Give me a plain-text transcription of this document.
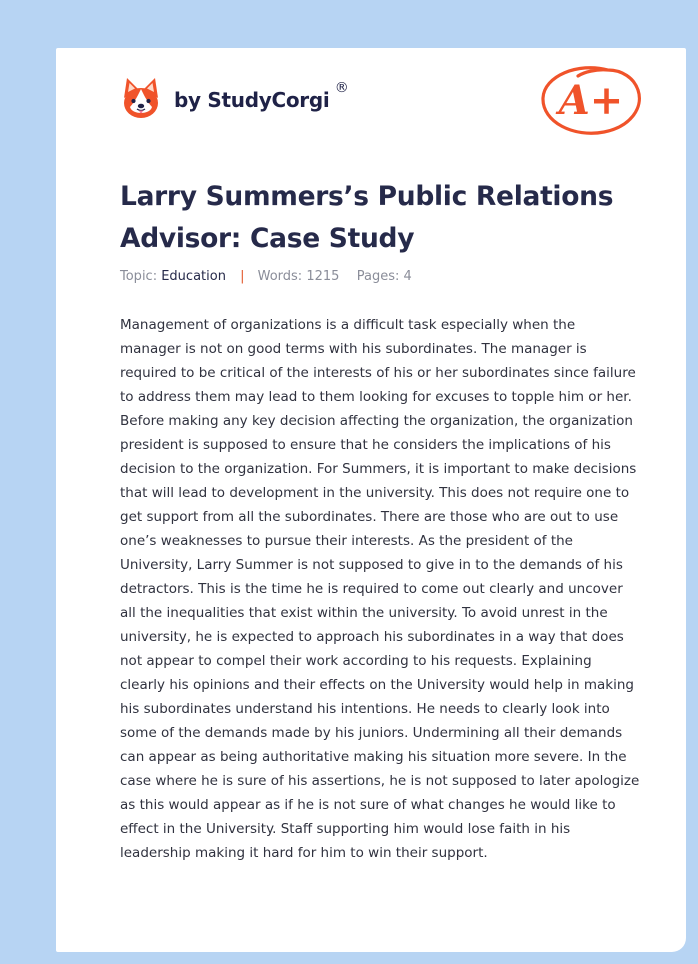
by StudyCorgi ®	A+
Larry Summers’s Public Relations Advisor: Case Study
Topic: Education | Words: 1215 Pages: 4

Management of organizations is a difficult task especially when the manager is not on good terms with his subordinates. The manager is required to be critical of the interests of his or her subordinates since failure to address them may lead to them looking for excuses to topple him or her. Before making any key decision affecting the organization, the organization president is supposed to ensure that he considers the implications of his decision to the organization. For Summers, it is important to make decisions that will lead to development in the university. This does not require one to get support from all the subordinates. There are those who are out to use one’s weaknesses to pursue their interests. As the president of the University, Larry Summer is not supposed to give in to the demands of his detractors. This is the time he is required to come out clearly and uncover all the inequalities that exist within the university. To avoid unrest in the university, he is expected to approach his subordinates in a way that does not appear to compel their work according to his requests. Explaining clearly his opinions and their effects on the University would help in making his subordinates understand his intentions. He needs to clearly look into some of the demands made by his juniors. Undermining all their demands can appear as being authoritative making his situation more severe. In the case where he is sure of his assertions, he is not supposed to later apologize as this would appear as if he is not sure of what changes he would like to effect in the University. Staff supporting him would lose faith in his leadership making it hard for him to win their support.
